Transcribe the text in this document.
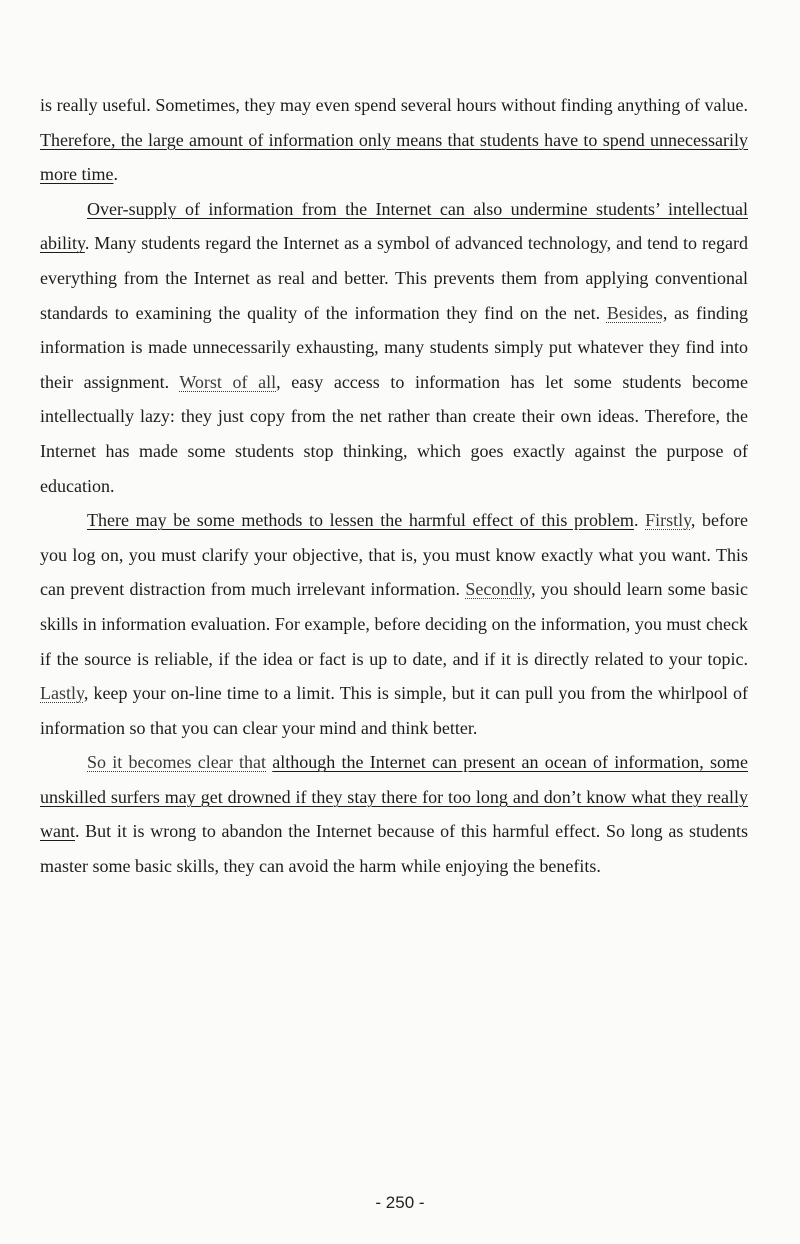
is really useful. Sometimes, they may even spend several hours without finding anything of value. Therefore, the large amount of information only means that students have to spend unnecessarily more time.

Over-supply of information from the Internet can also undermine students’ intellectual ability. Many students regard the Internet as a symbol of advanced technology, and tend to regard everything from the Internet as real and better. This prevents them from applying conventional standards to examining the quality of the information they find on the net. Besides, as finding information is made unnecessarily exhausting, many students simply put whatever they find into their assignment. Worst of all, easy access to information has let some students become intellectually lazy: they just copy from the net rather than create their own ideas. Therefore, the Internet has made some students stop thinking, which goes exactly against the purpose of education.

There may be some methods to lessen the harmful effect of this problem. Firstly, before you log on, you must clarify your objective, that is, you must know exactly what you want. This can prevent distraction from much irrelevant information. Secondly, you should learn some basic skills in information evaluation. For example, before deciding on the information, you must check if the source is reliable, if the idea or fact is up to date, and if it is directly related to your topic. Lastly, keep your on-line time to a limit. This is simple, but it can pull you from the whirlpool of information so that you can clear your mind and think better.

So it becomes clear that although the Internet can present an ocean of information, some unskilled surfers may get drowned if they stay there for too long and don’t know what they really want. But it is wrong to abandon the Internet because of this harmful effect. So long as students master some basic skills, they can avoid the harm while enjoying the benefits.

- 250 -
